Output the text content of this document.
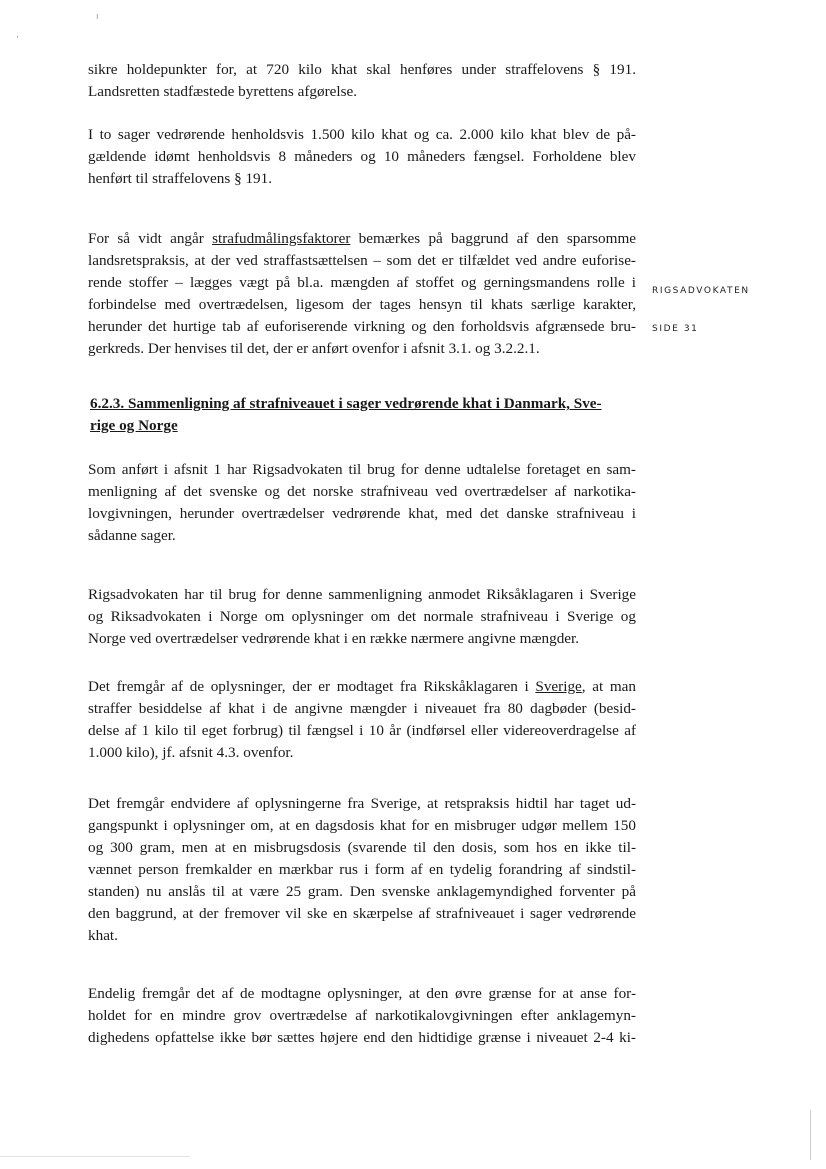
ı
‚
RIGSADVOKATEN
SIDE 31

sikre holdepunkter for, at 720 kilo khat skal henføres under straffelovens § 191.
Landsretten stadfæstede byrettens afgørelse.

I to sager vedrørende henholdsvis 1.500 kilo khat og ca. 2.000 kilo khat blev de på-
gældende idømt henholdsvis 8 måneders og 10 måneders fængsel. Forholdene blev
henført til straffelovens § 191.

For så vidt angår strafudmålingsfaktorer bemærkes på baggrund af den sparsomme
landsretspraksis, at der ved straffastsættelsen – som det er tilfældet ved andre euforise-
rende stoffer – lægges vægt på bl.a. mængden af stoffet og gerningsmandens rolle i
forbindelse med overtrædelsen, ligesom der tages hensyn til khats særlige karakter,
herunder det hurtige tab af euforiserende virkning og den forholdsvis afgrænsede bru-
gerkreds. Der henvises til det, der er anført ovenfor i afsnit 3.1. og 3.2.2.1.

6.2.3. Sammenligning af strafniveauet i sager vedrørende khat i Danmark, Sve-
rige og Norge

Som anført i afsnit 1 har Rigsadvokaten til brug for denne udtalelse foretaget en sam-
menligning af det svenske og det norske strafniveau ved overtrædelser af narkotika-
lovgivningen, herunder overtrædelser vedrørende khat, med det danske strafniveau i
sådanne sager.

Rigsadvokaten har til brug for denne sammenligning anmodet Riksåklagaren i Sverige
og Riksadvokaten i Norge om oplysninger om det normale strafniveau i Sverige og
Norge ved overtrædelser vedrørende khat i en række nærmere angivne mængder.

Det fremgår af de oplysninger, der er modtaget fra Rikskåklagaren i Sverige, at man
straffer besiddelse af khat i de angivne mængder i niveauet fra 80 dagbøder (besid-
delse af 1 kilo til eget forbrug) til fængsel i 10 år (indførsel eller videreoverdragelse af
1.000 kilo), jf. afsnit 4.3. ovenfor.

Det fremgår endvidere af oplysningerne fra Sverige, at retspraksis hidtil har taget ud-
gangspunkt i oplysninger om, at en dagsdosis khat for en misbruger udgør mellem 150
og 300 gram, men at en misbrugsdosis (svarende til den dosis, som hos en ikke til-
vænnet person fremkalder en mærkbar rus i form af en tydelig forandring af sindstil-
standen) nu anslås til at være 25 gram. Den svenske anklagemyndighed forventer på
den baggrund, at der fremover vil ske en skærpelse af strafniveauet i sager vedrørende
khat.

Endelig fremgår det af de modtagne oplysninger, at den øvre grænse for at anse for-
holdet for en mindre grov overtrædelse af narkotikalovgivningen efter anklagemyn-
dighedens opfattelse ikke bør sættes højere end den hidtidige grænse i niveauet 2-4 ki-
